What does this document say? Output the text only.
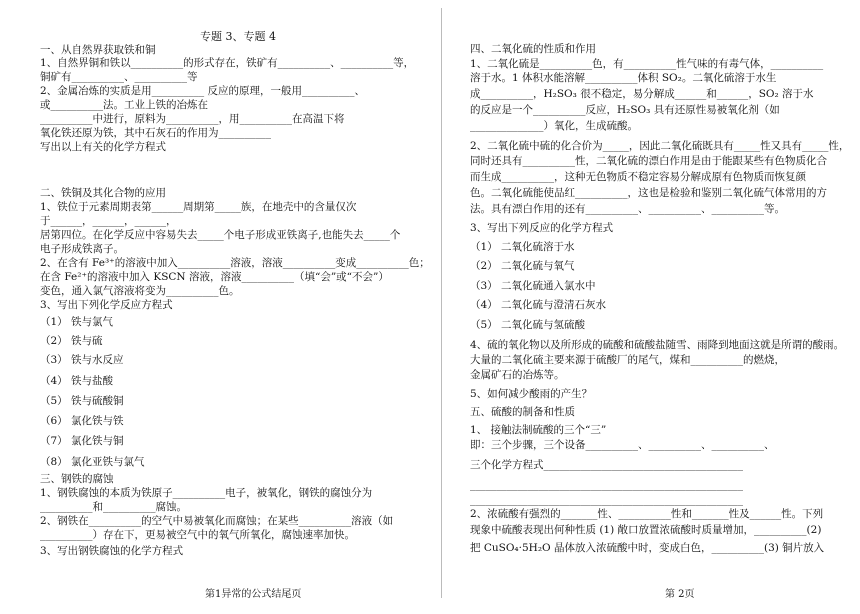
专题 3、专题 4
一、从自然界获取铁和铜
1、自然界铜和铁以__________的形式存在，铁矿有__________、__________等，
铜矿有__________、__________等
2、金属冶炼的实质是用__________ 反应的原理，一般用__________、
或__________法。工业上铁的冶炼在
__________中进行，原料为__________，用__________在高温下将
氧化铁还原为铁，其中石灰石的作用为__________
写出以上有关的化学方程式
二、铁铜及其化合物的应用
1、铁位于元素周期表第______周期第_____族，在地壳中的含量仅次
于______，______，______，
居第四位。在化学反应中容易失去_____个电子形成亚铁离子,也能失去_____个
电子形成铁离子。
2、在含有 Fe³⁺的溶液中加入__________溶液，溶液__________变成__________色；
在含 Fe²⁺的溶液中加入 KSCN 溶液，溶液__________（填“会”或“不会”）
变色，通入氯气溶液将变为__________色。
3、写出下列化学反应方程式
（1） 铁与氯气
（2） 铁与硫
（3） 铁与水反应
（4） 铁与盐酸
（5） 铁与硫酸铜
（6） 氯化铁与铁
（7） 氯化铁与铜
（8） 氯化亚铁与氯气
三、钢铁的腐蚀
1、钢铁腐蚀的本质为铁原子__________电子，被氧化，钢铁的腐蚀分为
__________和__________腐蚀。
2、钢铁在__________的空气中易被氧化而腐蚀；在某些__________溶液（如
__________）存在下，更易被空气中的氧气所氧化，腐蚀速率加快。
3、写出钢铁腐蚀的化学方程式
第1异常的公式结尾页
四、二氧化硫的性质和作用
1、二氧化硫是__________色，有__________性气味的有毒气体，__________
溶于水。1 体积水能溶解__________体积 SO₂。二氧化硫溶于水生
成__________，H₂SO₃ 很不稳定，易分解成______和______，SO₂ 溶于水
的反应是一个__________反应，H₂SO₃ 具有还原性易被氧化剂（如
______________）氧化，生成硫酸。
2、二氧化硫中硫的化合价为_____，因此二氧化硫既具有_____性又具有_____性，
同时还具有__________性，二氧化硫的漂白作用是由于能跟某些有色物质化合
而生成__________，这种无色物质不稳定容易分解成原有色物质而恢复颜
色。二氧化硫能使品红__________，这也是检验和鉴别二氧化硫气体常用的方
法。具有漂白作用的还有__________、__________、__________等。
3、写出下列反应的化学方程式
（1） 二氧化硫溶于水
（2） 二氧化硫与氧气
（3） 二氧化硫通入氯水中
（4） 二氧化硫与澄清石灰水
（5） 二氧化硫与氢硫酸
4、硫的氧化物以及所形成的硫酸和硫酸盐随雪、雨降到地面这就是所谓的酸雨。
大量的二氧化硫主要来源于硫酸厂的尾气，煤和__________的燃烧，
金属矿石的冶炼等。
5、如何减少酸雨的产生？
五、硫酸的制备和性质
1、 接触法制硫酸的三个“三”
即：三个步骤，三个设备__________、__________、__________、
三个化学方程式______________________________________
____________________________________________________
____________________________________________________
2、浓硫酸有强烈的_______性、__________性和_______性及______性。下列
现象中硫酸表现出何种性质 (1) 敞口放置浓硫酸时质量增加，__________(2)
把 CuSO₄·5H₂O 晶体放入浓硫酸中时，变成白色，__________(3) 铜片放入
第 2页
